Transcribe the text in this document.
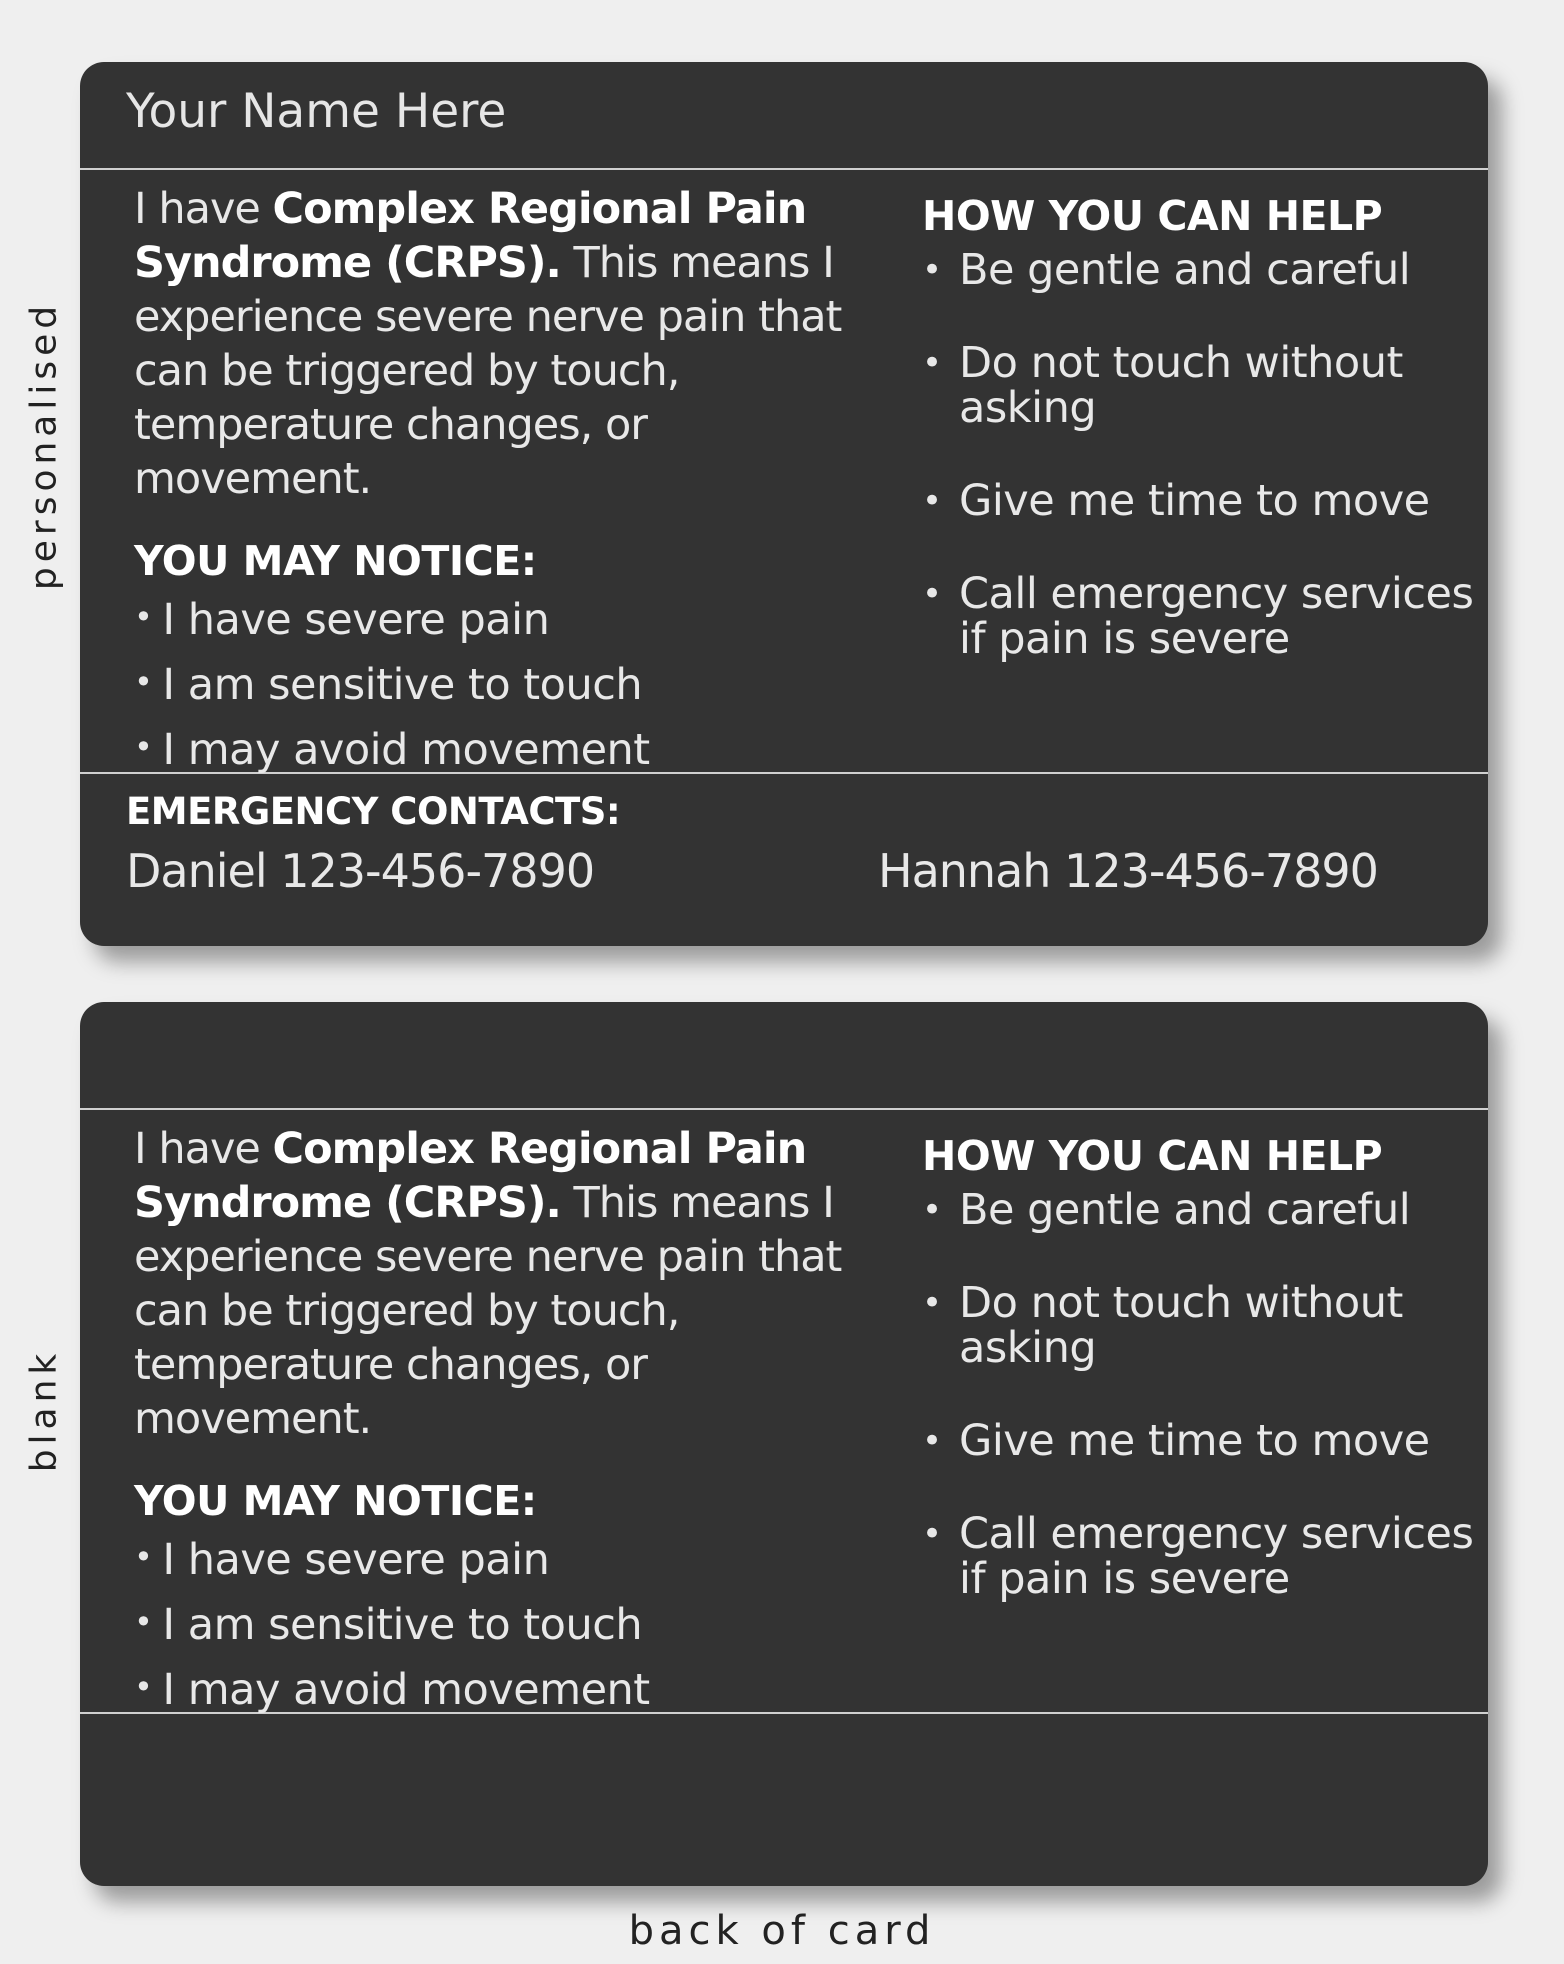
personalised
Your Name Here

I have Complex Regional Pain Syndrome (CRPS). This means I experience severe nerve pain that can be triggered by touch, temperature changes, or movement.

YOU MAY NOTICE:
• I have severe pain
• I am sensitive to touch
• I may avoid movement
HOW YOU CAN HELP
• Be gentle and careful
• Do not touch without asking
• Give me time to move
• Call emergency services if pain is severe
EMERGENCY CONTACTS:
Daniel 123-456-7890	Hannah 123-456-7890
blank

I have Complex Regional Pain Syndrome (CRPS). This means I experience severe nerve pain that can be triggered by touch, temperature changes, or movement.

YOU MAY NOTICE:
• I have severe pain
• I am sensitive to touch
• I may avoid movement
HOW YOU CAN HELP
• Be gentle and careful
• Do not touch without asking
• Give me time to move
• Call emergency services if pain is severe
back of card
